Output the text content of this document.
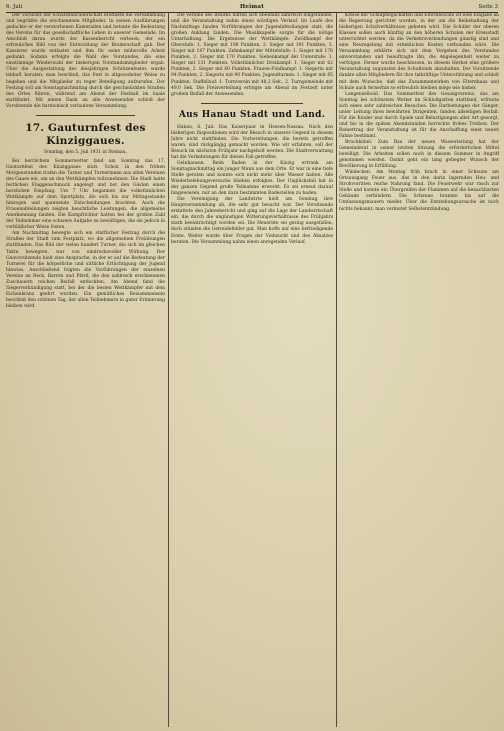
6. Juli	Heimat	Seite 3

Der Vorsitzer der Schützenbruderschaft eröffnete die Versammlung und begrüßte die erschienenen Mitglieder. In seinen Ausführungen gedachte er der verstorbenen Kameraden und betonte die Bedeutung des Vereins für das gesellschaftliche Leben in unserer Gemeinde. Im Anschluß daran wurde der Kassenbericht verlesen, der ein erfreuliches Bild von der Entwicklung der Bruderschaft gab. Der Kassierer wurde entlastet und ihm für seine mühevolle Arbeit gedankt. Sodann erfolgte die Wahl des Vorstandes, die eine einstimmige Wiederwahl der bisherigen Vorstandsmitglieder ergab. Über die Ausgestaltung des diesjährigen Schützenfestes wurde lebhaft beraten; man beschloß, das Fest in altgewohnter Weise zu begehen und die Mitglieder zu reger Beteiligung aufzurufen. Der Festzug soll am Sonntagnachmittag durch die geschmückten Straßen des Ortes führen, während am Abend der Festball im Saale stattfindet. Mit einem Dank an alle Anwesenden schloß der Vorsitzende die harmonisch verlaufene Versammlung.

17. Gauturnfest des Kinziggaues.
Sonntag, den 5. Juli 1931 in Steinau.

Bei herrlichem Sommerwetter fand am Sonntag das 17. Gauturnfest des Kinziggaues statt. Schon in den frühen Morgenstunden trafen die Turner und Turnerinnen aus allen Vereinen des Gaues ein, um an den Wettkämpfen teilzunehmen. Die Stadt hatte festlichen Flaggenschmuck angelegt und bot den Gästen einen herzlichen Empfang. Um 7 Uhr begannen die volkstümlichen Wettkämpfe auf dem Sportplatz, die sich bis zur Mittagsstunde hinzogen und spannende Entscheidungen brachten. Auch die Frauenabteilungen zeigten beachtliche Leistungen, die allgemeine Anerkennung fanden. Die Kampfrichter hatten bei der großen Zahl der Teilnehmer eine schwere Aufgabe zu bewältigen, die sie jedoch in vorbildlicher Weise lösten.

Am Nachmittag bewegte sich ein stattlicher Festzug durch die Straßen der Stadt zum Festplatz, wo die allgemeinen Freiübungen stattfanden. Das Bild der vielen hundert Turner, die sich im gleichen Takte bewegten, war von eindrucksvoller Wirkung. Der Gauvorsitzende hielt eine Ansprache, in der er auf die Bedeutung der Turnerei für die körperliche und sittliche Ertüchtigung der Jugend hinwies. Anschließend folgten die Vorführungen der einzelnen Vereine an Reck, Barren und Pferd, die den zahlreich erschienenen Zuschauern reichen Beifall entlockten. Am Abend fand die Siegerverkündigung statt, bei der die besten Wettkämpfer mit dem Eichenkranz geehrt wurden. Ein gemütliches Beisammensein beschloß den schönen Tag, der allen Teilnehmern in guter Erinnerung bleiben wird.

Die Vereine des Bezirks hatten sich ebenfalls zahlreich eingefunden, und die Veranstaltung nahm einen würdigen Verlauf. Im Laufe des Nachmittags fanden Vorführungen der Jugendabteilungen statt, die großen Anklang fanden. Die Musikkapelle sorgte für die nötige Unterhaltung. Die Ergebnisse der Wettkämpfe: Zwölfkampf der Oberstufe: 1. Sieger mit 198 Punkten, 2. Sieger mit 191 Punkten, 3. Sieger mit 187 Punkten. Zehnkampf der Mittelstufe: 1. Sieger mit 176 Punkten, 2. Sieger mit 170 Punkten. Siebenkampf der Unterstufe: 1. Sieger mit 131 Punkten. Volkstümlicher Dreikampf: 1. Sieger mit 62 Punkten, 2. Sieger mit 60 Punkten. Frauen-Fünfkampf: 1. Siegerin mit 94 Punkten, 2. Siegerin mit 90 Punkten. Jugendturnen: 1. Sieger mit 85 Punkten. Staffellauf: 1. Turnverein mit 48,2 Sek., 2. Turngemeinde mit 49,0 Sek. Die Preisverteilung erfolgte am Abend im Festzelt unter großem Beifall der Anwesenden.

Aus Hanau Stadt und Land.

Hanau, 6. Juli. Das Kaiserpaar in Hessen-Nassau. Nach den bisherigen Dispositionen wird der Besuch in unserer Gegend in diesem Jahre nicht stattfinden. Die Vorbereitungen, die bereits getroffen waren, sind rückgängig gemacht worden. Wie wir erfahren, soll der Besuch im nächsten Frühjahr nachgeholt werden. Die Stadtverwaltung hat die Vorkehrungen für diesen Fall getroffen.

Gelnhausen. Beim Baden in der Kinzig ertrank am Sonntagnachmittag ein junger Mann aus dem Orte. Er war in eine tiefe Stelle geraten und konnte sich nicht mehr über Wasser halten. Alle Wiederbelebungsversuche blieben erfolglos. Der Unglücksfall hat in der ganzen Gegend große Teilnahme erweckt. Es sei erneut darauf hingewiesen, nur an den dazu bestimmten Badestellen zu baden.

Die Vereinigung der Landwirte hielt am Sonntag ihre Hauptversammlung ab, die sehr gut besucht war. Der Vorsitzende erstattete den Jahresbericht und ging auf die Lage der Landwirtschaft ein, die durch die ungünstigen Witterungsverhältnisse des Frühjahrs stark beeinträchtigt worden sei. Die Heuernte sei gering ausgefallen, doch stünden die Getreidefelder gut. Man hoffe auf eine befriedigende Ernte. Weiter wurde über Fragen der Viehzucht und des Absatzes beraten. Die Versammlung nahm einen anregenden Verlauf.

Kreise der Schulpflegschaften und Elternbeiräte ist eine Eingabe an die Regierung gerichtet worden, in der um die Beibehaltung der bisherigen Schulverhältnisse gebeten wird. Die Schüler der oberen Klassen sollen auch künftig an den höheren Schulen der Kreisstadt unterrichtet werden, da die Verkehrsverbindungen günstig sind und eine Neuregelung mit erheblichen Kosten verbunden wäre. Die Versammlung erklärte sich mit dem Vorgehen des Vorstandes einverstanden und beauftragte ihn, die Angelegenheit weiter zu verfolgen. Ferner wurde beschlossen, in diesem Herbst eine größere Veranstaltung zugunsten des Schulfonds abzuhalten. Der Vorsitzende dankte allen Mitgliedern für ihre tatkräftige Unterstützung und schloß mit dem Wunsche, daß das Zusammenwirken von Elternhaus und Schule auch fernerhin so erfreulich bleiben möge wie bisher.

Langenselbold. Das Sommerfest des Gesangvereins, das am Sonntag bei schönstem Wetter im Schloßgarten stattfand, erfreute sich eines sehr zahlreichen Besuches. Die Darbietungen der Sänger, unter Leitung ihres bewährten Dirigenten, fanden allseitigen Beifall. Für die Kinder war durch Spiele und Belustigungen aller Art gesorgt, und bis in die späten Abendstunden herrschte frohes Treiben. Der Reinertrag der Veranstaltung ist für die Anschaffung einer neuen Fahne bestimmt.

Bruchköbel. Zum Bau der neuen Wasserleitung hat der Gemeinderat in seiner letzten Sitzung die erforderlichen Mittel bewilligt. Die Arbeiten sollen noch in diesem Sommer in Angriff genommen werden. Damit geht ein lang gehegter Wunsch der Bevölkerung in Erfüllung.

Windecken. Am Montag früh brach in einer Scheune am Ortsausgang Feuer aus, das in den darin lagernden Heu- und Strohvorräten reiche Nahrung fand. Die Feuerwehr war rasch zur Stelle und konnte ein Übergreifen der Flammen auf die benachbarten Gebäude verhindern. Die Scheune brannte bis auf die Umfassungsmauern nieder. Über die Entstehungsursache ist noch nichts bekannt; man vermutet Selbstentzündung.
